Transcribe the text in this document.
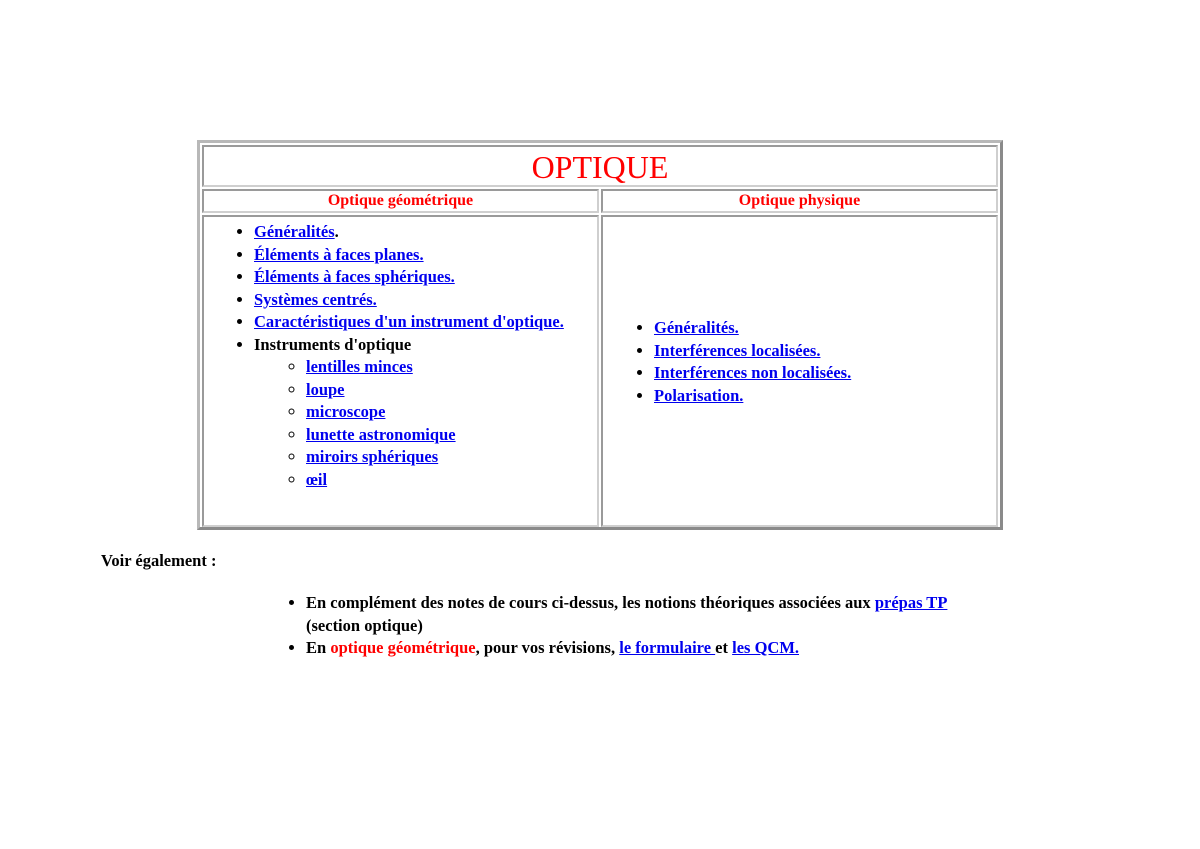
OPTIQUE
Optique géométrique	Optique physique
• Généralités.
• Éléments à faces planes.
• Éléments à faces sphériques.
• Systèmes centrés.
• Caractéristiques d'un instrument d'optique.
• Instruments d'optique
◦ lentilles minces
◦ loupe
◦ microscope
◦ lunette astronomique
◦ miroirs sphériques
◦ œil
• Généralités.
• Interférences localisées.
• Interférences non localisées.
• Polarisation.
Voir également :
• En complément des notes de cours ci-dessus, les notions théoriques associées aux prépas TP
(section optique)
• En optique géométrique, pour vos révisions, le formulaire et les QCM.
